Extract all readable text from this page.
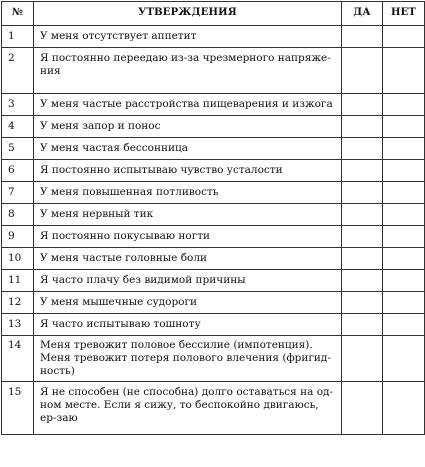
№	УТВЕРЖДЕНИЯ	ДА	НЕТ
1	У меня отсутствует аппетит		
2	Я постоянно переедаю из-за чрезмерного напряже-ния		
3	У меня частые расстройства пищеварения и изжога		
4	У меня запор и понос		
5	У меня частая бессонница		
6	Я постоянно испытываю чувство усталости		
7	У меня повышенная потливость		
8	У меня нервный тик		
9	Я постоянно покусываю ногти		
10	У меня частые головные боли		
11	Я часто плачу без видимой причины		
12	У меня мышечные судороги		
13	Я часто испытываю тошноту		
14	Меня тревожит половое бессилие (импотенция). Меня тревожит потеря полового влечения (фригид-ность)		
15	Я не способен (не способна) долго оставаться на од-ном месте. Если я сижу, то беспокойно двигаюсь, ер-заю		
